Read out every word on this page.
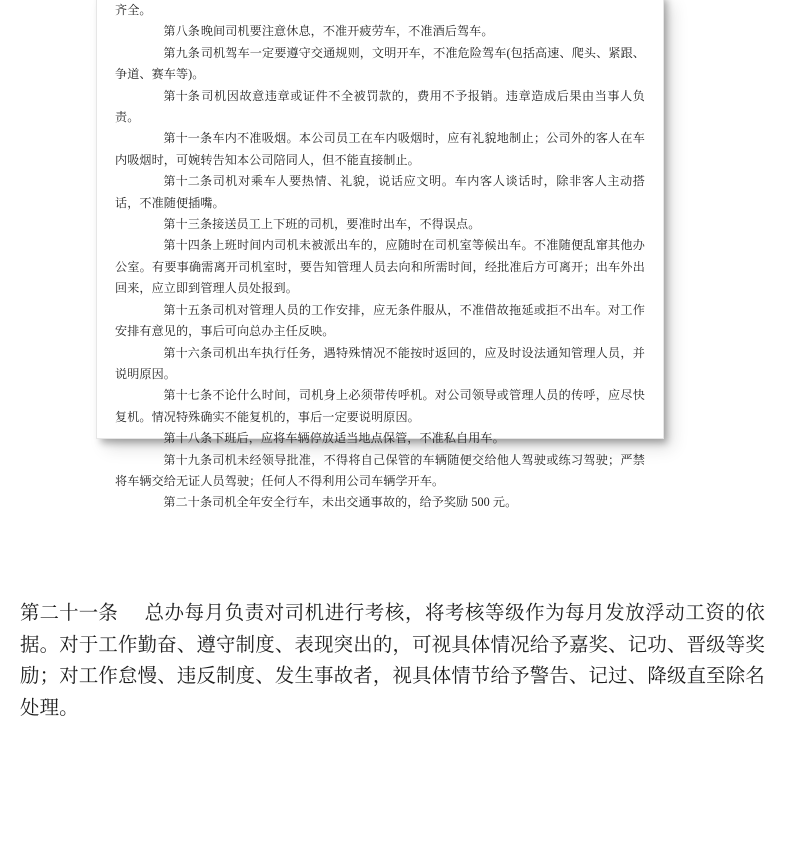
齐全。

第八条晚间司机要注意休息，不准开疲劳车，不准酒后驾车。

第九条司机驾车一定要遵守交通规则，文明开车，不准危险驾车(包括高速、爬头、紧跟、争道、赛车等)。

第十条司机因故意违章或证件不全被罚款的，费用不予报销。违章造成后果由当事人负责。

第十一条车内不准吸烟。本公司员工在车内吸烟时，应有礼貌地制止；公司外的客人在车内吸烟时，可婉转告知本公司陪同人，但不能直接制止。

第十二条司机对乘车人要热情、礼貌，说话应文明。车内客人谈话时，除非客人主动搭话，不准随便插嘴。

第十三条接送员工上下班的司机，要准时出车，不得误点。

第十四条上班时间内司机未被派出车的，应随时在司机室等候出车。不准随便乱窜其他办公室。有要事确需离开司机室时，要告知管理人员去向和所需时间，经批准后方可离开；出车外出回来，应立即到管理人员处报到。

第十五条司机对管理人员的工作安排，应无条件服从，不准借故拖延或拒不出车。对工作安排有意见的，事后可向总办主任反映。

第十六条司机出车执行任务，遇特殊情况不能按时返回的，应及时设法通知管理人员，并说明原因。

第十七条不论什么时间，司机身上必须带传呼机。对公司领导或管理人员的传呼，应尽快复机。情况特殊确实不能复机的，事后一定要说明原因。

第十八条下班后，应将车辆停放适当地点保管，不准私自用车。

第十九条司机未经领导批准，不得将自己保管的车辆随便交给他人驾驶或练习驾驶；严禁将车辆交给无证人员驾驶；任何人不得利用公司车辆学开车。

第二十条司机全年安全行车，未出交通事故的，给予奖励 500 元。

第二十一条 总办每月负责对司机进行考核，将考核等级作为每月发放浮动工资的依据。对于工作勤奋、遵守制度、表现突出的，可视具体情况给予嘉奖、记功、晋级等奖励；对工作怠慢、违反制度、发生事故者，视具体情节给予警告、记过、降级直至除名处理。
